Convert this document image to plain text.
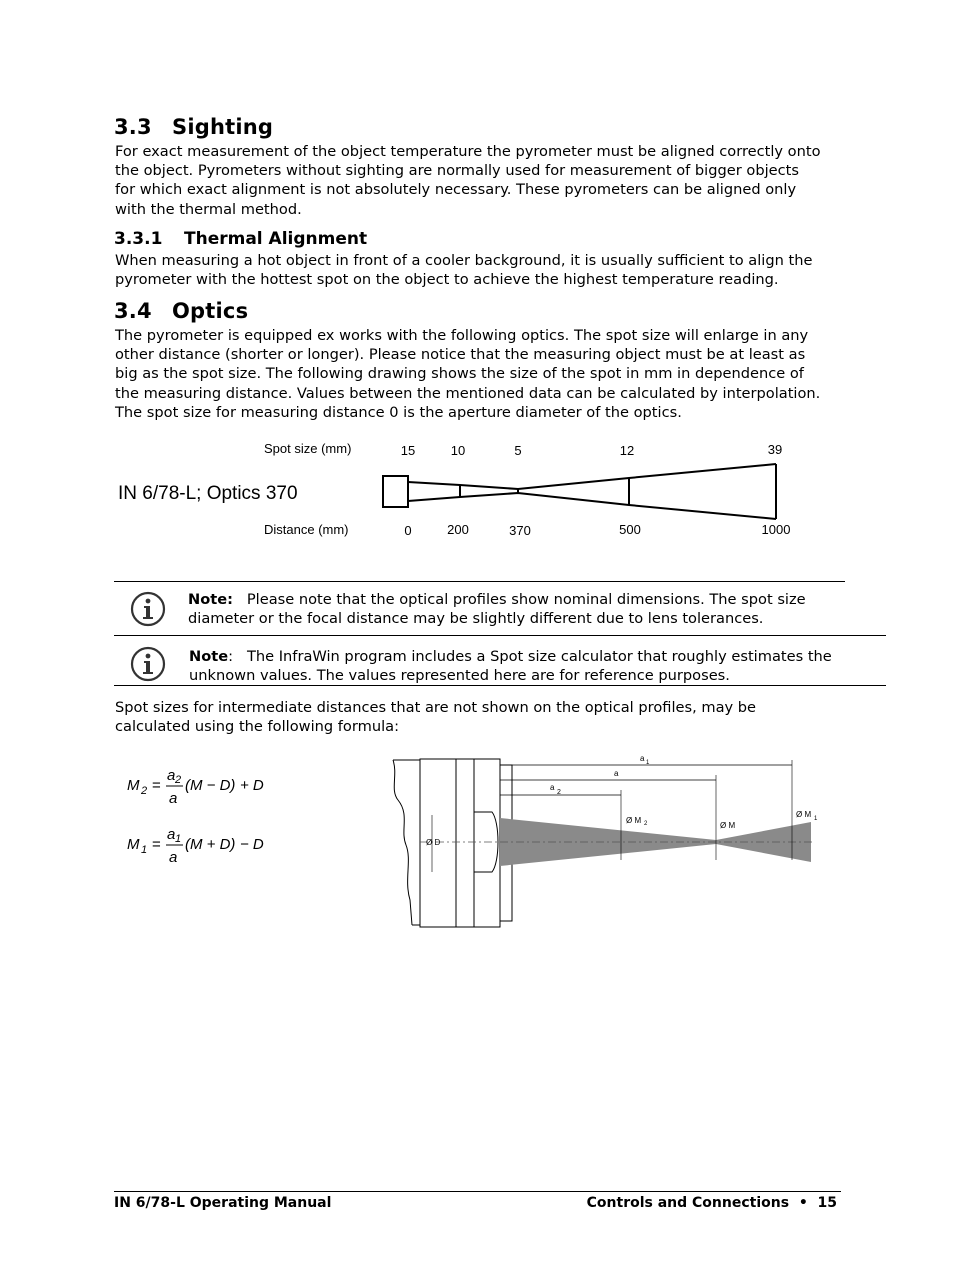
3.3 Sighting
For exact measurement of the object temperature the pyrometer must be aligned correctly onto
the object. Pyrometers without sighting are normally used for measurement of bigger objects
for which exact alignment is not absolutely necessary. These pyrometers can be aligned only
with the thermal method.
3.3.1 Thermal Alignment
When measuring a hot object in front of a cooler background, it is usually sufficient to align the
pyrometer with the hottest spot on the object to achieve the highest temperature reading.
3.4 Optics
The pyrometer is equipped ex works with the following optics. The spot size will enlarge in any
other distance (shorter or longer). Please notice that the measuring object must be at least as
big as the spot size. The following drawing shows the size of the spot in mm in dependence of
the measuring distance. Values between the mentioned data can be calculated by interpolation.
The spot size for measuring distance 0 is the aperture diameter of the optics.
Spot size (mm)
Distance (mm)
IN 6/78-L; Optics 370
15	10	5	12	39
0	200	370	500	1000
Note: Please note that the optical profiles show nominal dimensions. The spot size
diameter or the focal distance may be slightly different due to lens tolerances.
Note: The InfraWin program includes a Spot size calculator that roughly estimates the
unknown values. The values represented here are for reference purposes.
Spot sizes for intermediate distances that are not shown on the optical profiles, may be
calculated using the following formula:
M 2 =
a 2
a
(M − D) + D
M 1 =
a 1
a
(M + D) − D
a 1
a
a
2
Ø M 2	Ø M
Ø M 1
Ø D
IN 6/78-L Operating Manual	Controls and Connections • 15
